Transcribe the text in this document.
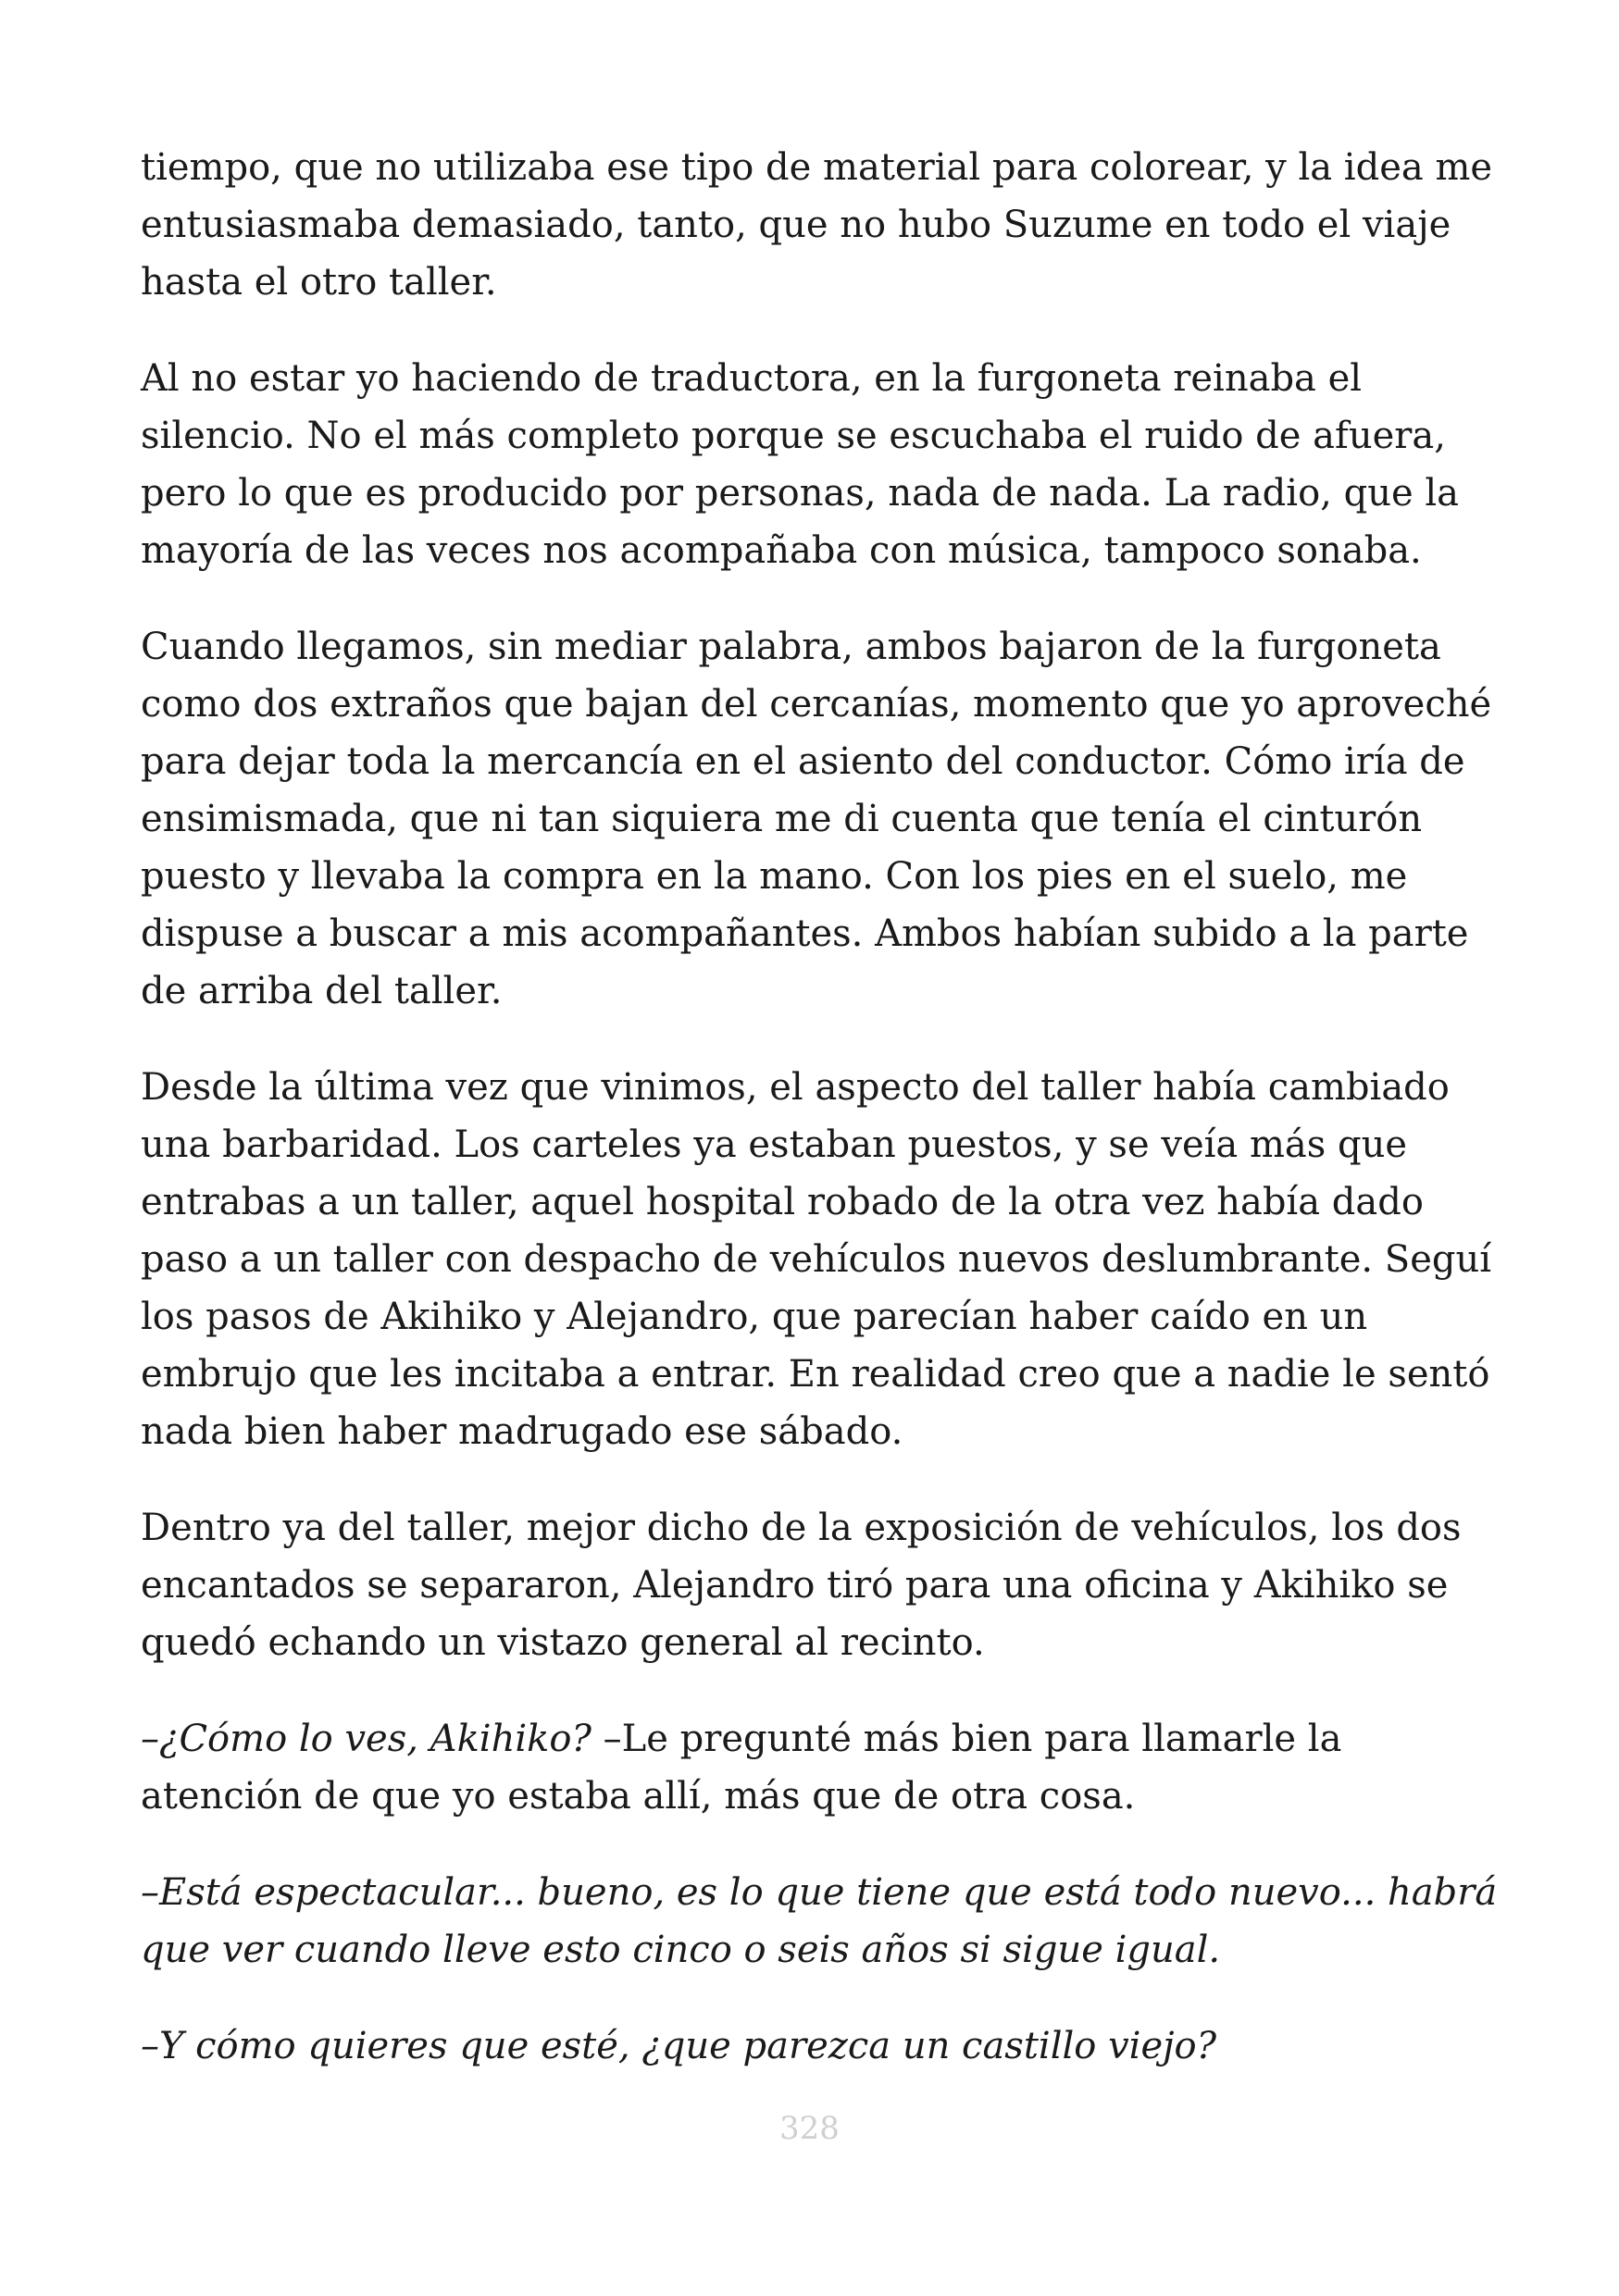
tiempo, que no utilizaba ese tipo de material para colorear, y la idea me entusiasmaba demasiado, tanto, que no hubo Suzume en todo el viaje hasta el otro taller.

Al no estar yo haciendo de traductora, en la furgoneta reinaba el silencio. No el más completo porque se escuchaba el ruido de afuera, pero lo que es producido por personas, nada de nada. La radio, que la mayoría de las veces nos acompañaba con música, tampoco sonaba.

Cuando llegamos, sin mediar palabra, ambos bajaron de la furgoneta como dos extraños que bajan del cercanías, momento que yo aproveché para dejar toda la mercancía en el asiento del conductor. Cómo iría de ensimismada, que ni tan siquiera me di cuenta que tenía el cinturón puesto y llevaba la compra en la mano. Con los pies en el suelo, me dispuse a buscar a mis acompañantes. Ambos habían subido a la parte de arriba del taller.

Desde la última vez que vinimos, el aspecto del taller había cambiado una barbaridad. Los carteles ya estaban puestos, y se veía más que entrabas a un taller, aquel hospital robado de la otra vez había dado paso a un taller con despacho de vehículos nuevos deslumbrante. Seguí los pasos de Akihiko y Alejandro, que parecían haber caído en un embrujo que les incitaba a entrar. En realidad creo que a nadie le sentó nada bien haber madrugado ese sábado.

Dentro ya del taller, mejor dicho de la exposición de vehículos, los dos encantados se separaron, Alejandro tiró para una oficina y Akihiko se quedó echando un vistazo general al recinto.

–¿Cómo lo ves, Akihiko? –Le pregunté más bien para llamarle la atención de que yo estaba allí, más que de otra cosa.

–Está espectacular... bueno, es lo que tiene que está todo nuevo... habrá que ver cuando lleve esto cinco o seis años si sigue igual.

–Y cómo quieres que esté, ¿que parezca un castillo viejo?

328
